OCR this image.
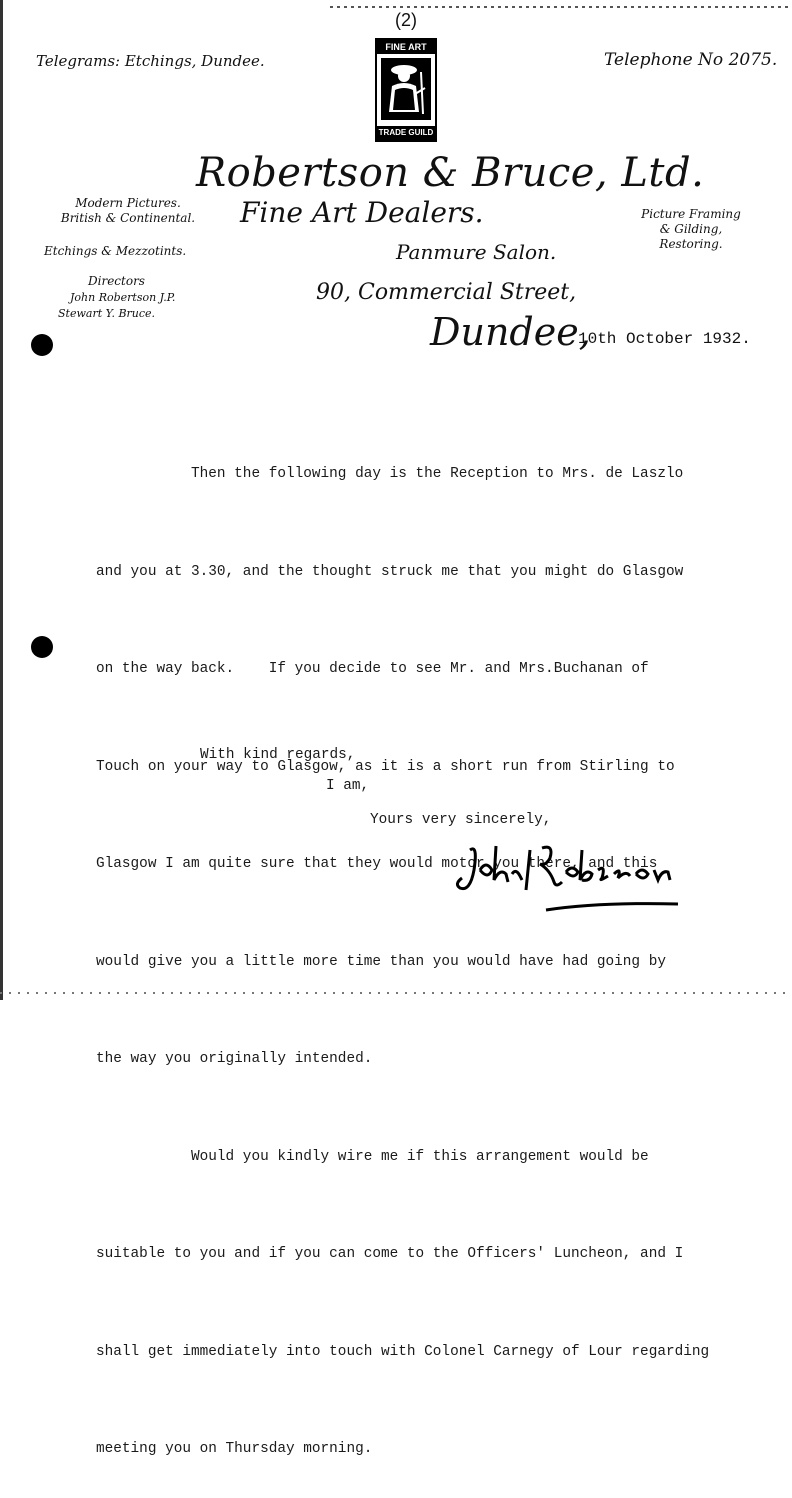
(2)
Telegrams: Etchings, Dundee.	Telephone No 2075.
FINE ART
TRADE GUILD
Robertson & Bruce, Ltd.
Fine Art Dealers.
Panmure Salon.
90, Commercial Street,
Dundee,
10th October 1932.
Modern Pictures.
British & Continental.
Etchings & Mezzotints.
Directors
John Robertson J.P.
Stewart Y. Bruce.
Picture Framing
& Gilding,
Restoring.

Then the following day is the Reception to Mrs. de Laszlo

and you at 3.30, and the thought struck me that you might do Glasgow

on the way back.    If you decide to see Mr. and Mrs.Buchanan of

Touch on your way to Glasgow, as it is a short run from Stirling to

Glasgow I am quite sure that they would motor you there, and this

would give you a little more time than you would have had going by

the way you originally intended.

Would you kindly wire me if this arrangement would be

suitable to you and if you can come to the Officers' Luncheon, and I

shall get immediately into touch with Colonel Carnegy of Lour regarding

meeting you on Thursday morning.

With kind regards,
I am,
Yours very sincerely,
